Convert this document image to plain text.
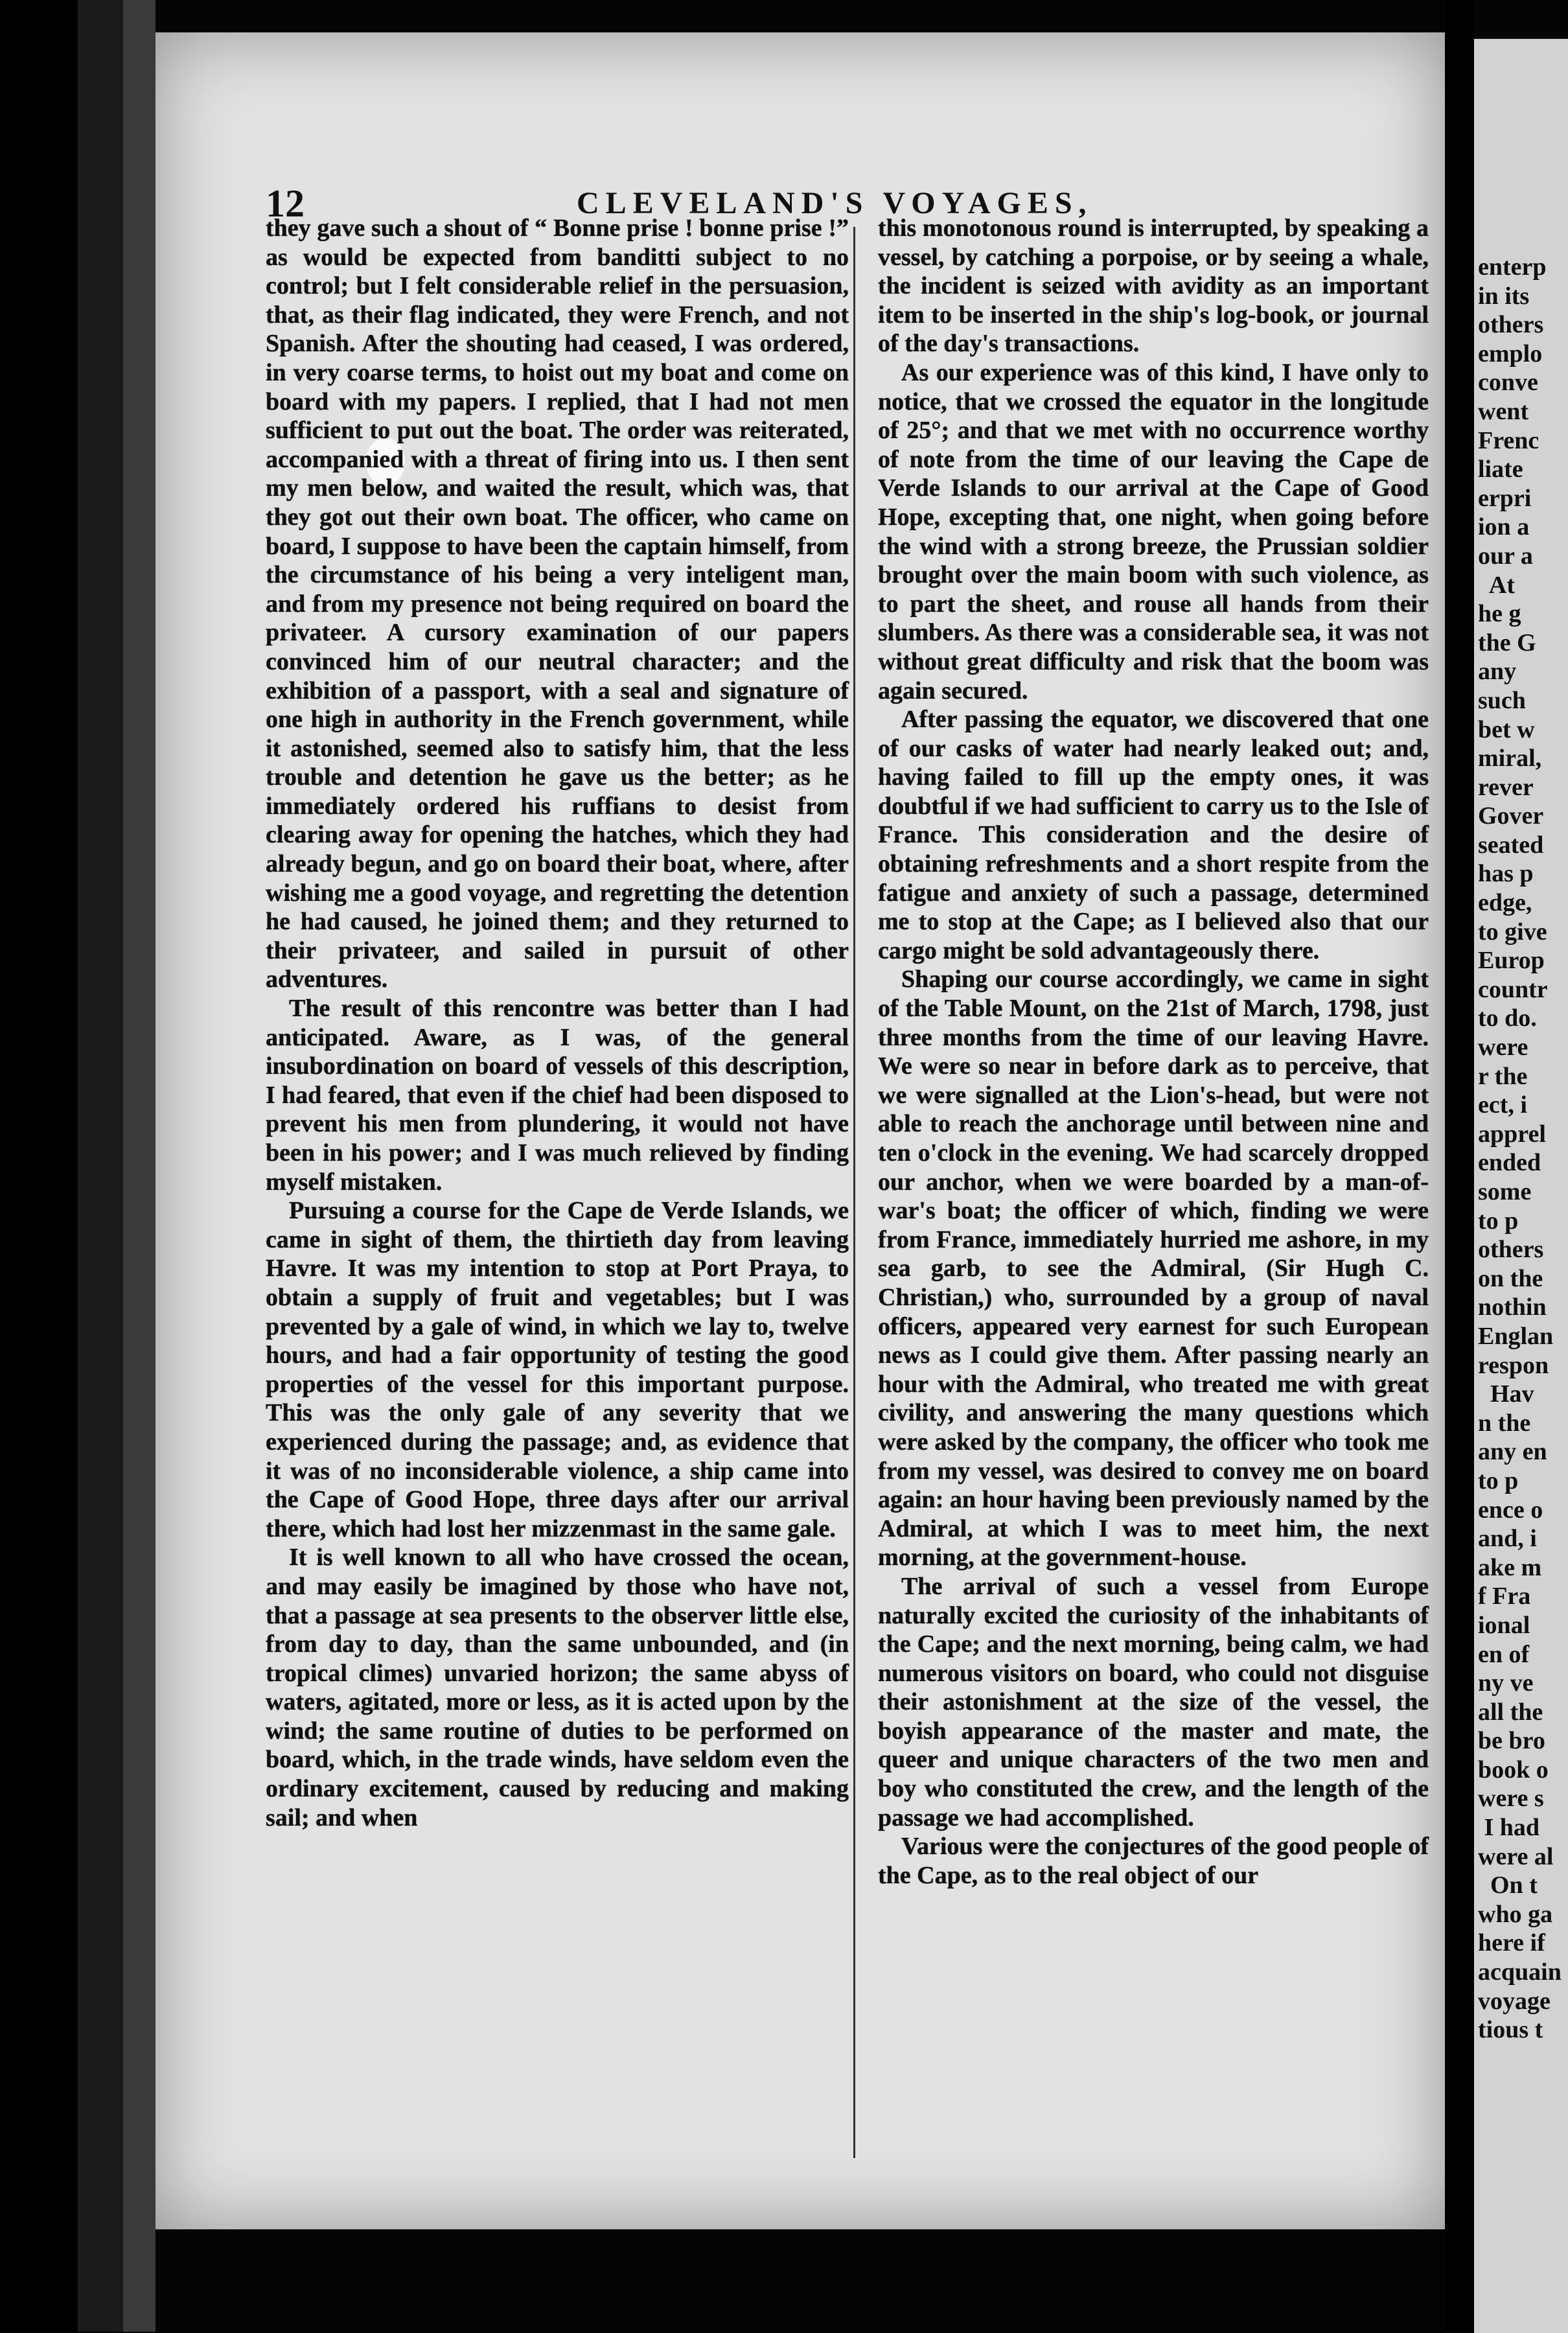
12	CLEVELAND'S VOYAGES,

they gave such a shout of “ Bonne prise ! bonne prise !” as would be expected from banditti subject to no control; but I felt considerable relief in the persuasion, that, as their flag indicated, they were French, and not Spanish. After the shouting had ceased, I was ordered, in very coarse terms, to hoist out my boat and come on board with my papers. I replied, that I had not men sufficient to put out the boat. The order was reiterated, accompanied with a threat of firing into us. I then sent my men below, and waited the result, which was, that they got out their own boat. The officer, who came on board, I suppose to have been the captain himself, from the circumstance of his being a very inteligent man, and from my presence not being required on board the privateer. A cursory examination of our papers convinced him of our neutral character; and the exhibition of a passport, with a seal and signature of one high in authority in the French government, while it astonished, seemed also to satisfy him, that the less trouble and detention he gave us the better; as he immediately ordered his ruffians to desist from clearing away for opening the hatches, which they had already begun, and go on board their boat, where, after wishing me a good voyage, and regretting the detention he had caused, he joined them; and they returned to their privateer, and sailed in pursuit of other adventures.

The result of this rencontre was better than I had anticipated. Aware, as I was, of the general insubordination on board of vessels of this description, I had feared, that even if the chief had been disposed to prevent his men from plundering, it would not have been in his power; and I was much relieved by finding myself mistaken.

Pursuing a course for the Cape de Verde Islands, we came in sight of them, the thirtieth day from leaving Havre. It was my intention to stop at Port Praya, to obtain a supply of fruit and vegetables; but I was prevented by a gale of wind, in which we lay to, twelve hours, and had a fair opportunity of testing the good properties of the vessel for this important purpose. This was the only gale of any severity that we experienced during the passage; and, as evidence that it was of no inconsiderable violence, a ship came into the Cape of Good Hope, three days after our arrival there, which had lost her mizzenmast in the same gale.

It is well known to all who have crossed the ocean, and may easily be imagined by those who have not, that a passage at sea presents to the observer little else, from day to day, than the same unbounded, and (in tropical climes) unvaried horizon; the same abyss of waters, agitated, more or less, as it is acted upon by the wind; the same routine of duties to be performed on board, which, in the trade winds, have seldom even the ordinary excitement, caused by reducing and making sail; and when

this monotonous round is interrupted, by speaking a vessel, by catching a porpoise, or by seeing a whale, the incident is seized with avidity as an important item to be inserted in the ship's log-book, or journal of the day's transactions.

As our experience was of this kind, I have only to notice, that we crossed the equator in the longitude of 25°; and that we met with no occurrence worthy of note from the time of our leaving the Cape de Verde Islands to our arrival at the Cape of Good Hope, excepting that, one night, when going before the wind with a strong breeze, the Prussian soldier brought over the main boom with such violence, as to part the sheet, and rouse all hands from their slumbers. As there was a considerable sea, it was not without great difficulty and risk that the boom was again secured.

After passing the equator, we discovered that one of our casks of water had nearly leaked out; and, having failed to fill up the empty ones, it was doubtful if we had sufficient to carry us to the Isle of France. This consideration and the desire of obtaining refreshments and a short respite from the fatigue and anxiety of such a passage, determined me to stop at the Cape; as I believed also that our cargo might be sold advantageously there.

Shaping our course accordingly, we came in sight of the Table Mount, on the 21st of March, 1798, just three months from the time of our leaving Havre. We were so near in before dark as to perceive, that we were signalled at the Lion's-head, but were not able to reach the anchorage until between nine and ten o'clock in the evening. We had scarcely dropped our anchor, when we were boarded by a man-of-war's boat; the officer of which, finding we were from France, immediately hurried me ashore, in my sea garb, to see the Admiral, (Sir Hugh C. Christian,) who, surrounded by a group of naval officers, appeared very earnest for such European news as I could give them. After passing nearly an hour with the Admiral, who treated me with great civility, and answering the many questions which were asked by the company, the officer who took me from my vessel, was desired to convey me on board again: an hour having been previously named by the Admiral, at which I was to meet him, the next morning, at the government-house.

The arrival of such a vessel from Europe naturally excited the curiosity of the inhabitants of the Cape; and the next morning, being calm, we had numerous visitors on board, who could not disguise their astonishment at the size of the vessel, the boyish appearance of the master and mate, the queer and unique characters of the two men and boy who constituted the crew, and the length of the passage we had accomplished.

Various were the conjectures of the good people of the Cape, as to the real object of our

enterp
in its
others
emplo
conve
went
Frenc
liate
erpri
ion a
our a
At
he g
the G
any
such
bet w
miral,
rever
Gover
seated
has p
edge,
to give
Europ
countr
to do.
were
r the
ect, i
apprel
ended
some
to p
others
on the
nothin
Englan
respon
Hav
n the
any en
to p
ence o
and, i
ake m
f Fra
ional
en of
ny ve
all the
be bro
book o
were s
I had
were al
On t
who ga
here if
acquain
voyage
tious t
